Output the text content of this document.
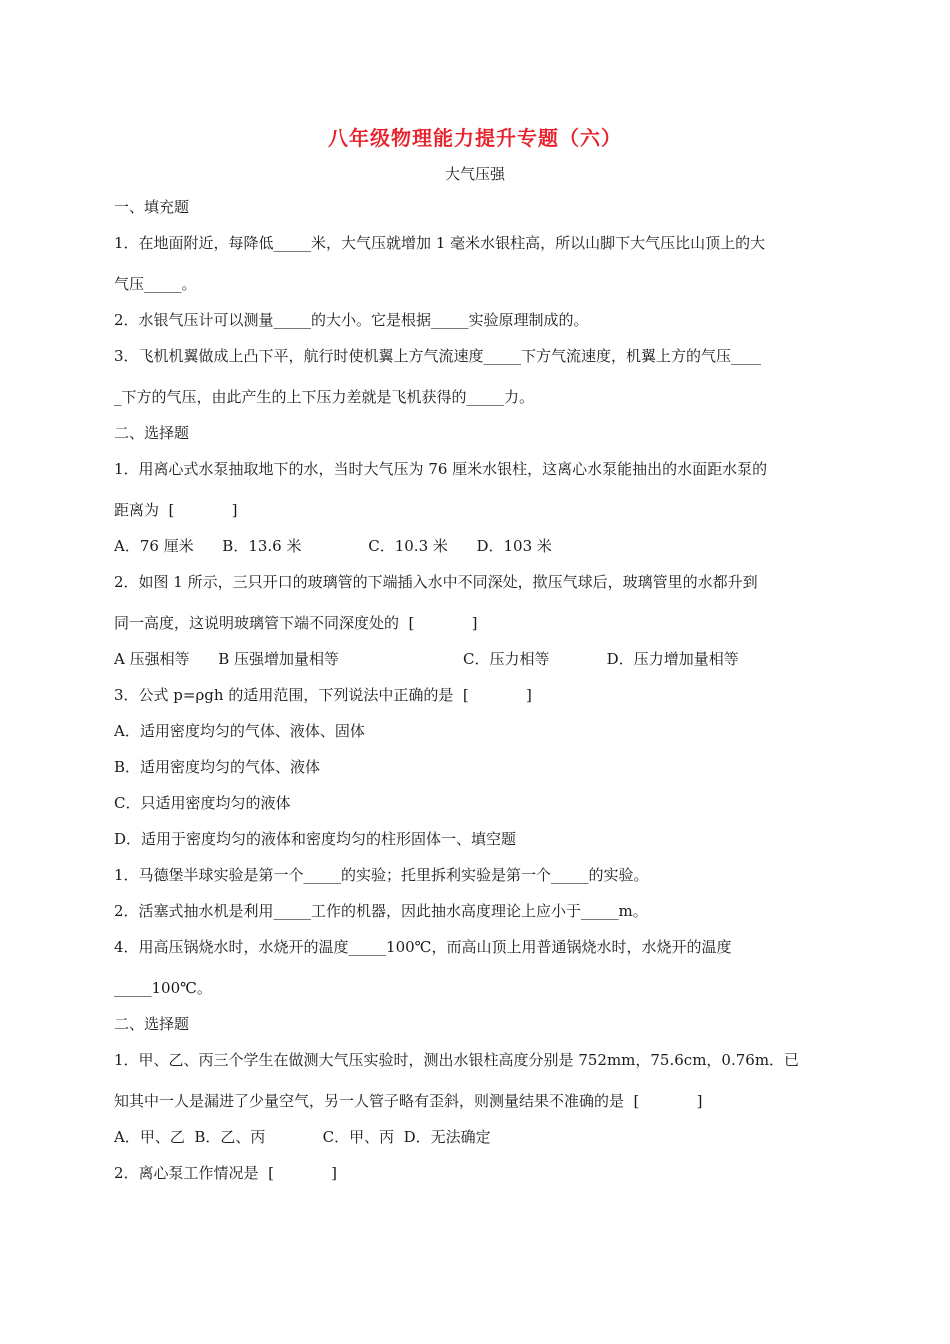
八年级物理能力提升专题（六）
大气压强
一、填充题
1．在地面附近，每降低_____米，大气压就增加 1 毫米水银柱高，所以山脚下大气压比山顶上的大
气压_____。
2．水银气压计可以测量_____的大小。它是根据_____实验原理制成的。
3．飞机机翼做成上凸下平，航行时使机翼上方气流速度_____下方气流速度，机翼上方的气压____
_下方的气压，由此产生的上下压力差就是飞机获得的_____力。
二、选择题
1．用离心式水泵抽取地下的水，当时大气压为 76 厘米水银柱，这离心水泵能抽出的水面距水泵的
距离为  [            ]
A．76 厘米      B．13.6 米              C．10.3 米      D．103 米
2．如图 1 所示，三只开口的玻璃管的下端插入水中不同深处，揿压气球后，玻璃管里的水都升到
同一高度，这说明玻璃管下端不同深度处的  [            ]
A 压强相等      B 压强增加量相等                          C．压力相等            D．压力增加量相等
3．公式 p=ρgh 的适用范围，下列说法中正确的是  [            ]
A．适用密度均匀的气体、液体、固体
B．适用密度均匀的气体、液体
C．只适用密度均匀的液体
D．适用于密度均匀的液体和密度均匀的柱形固体一、填空题
1．马德堡半球实验是第一个_____的实验；托里拆利实验是第一个_____的实验。
2．活塞式抽水机是利用_____工作的机器，因此抽水高度理论上应小于_____m。
4．用高压锅烧水时，水烧开的温度_____100℃，而高山顶上用普通锅烧水时，水烧开的温度
_____100℃。
二、选择题
1．甲、乙、丙三个学生在做测大气压实验时，测出水银柱高度分别是 752mm，75.6cm，0.76m．已
知其中一人是漏进了少量空气，另一人管子略有歪斜，则测量结果不准确的是  [            ]
A．甲、乙  B．乙、丙            C．甲、丙  D．无法确定
2．离心泵工作情况是  [            ]
